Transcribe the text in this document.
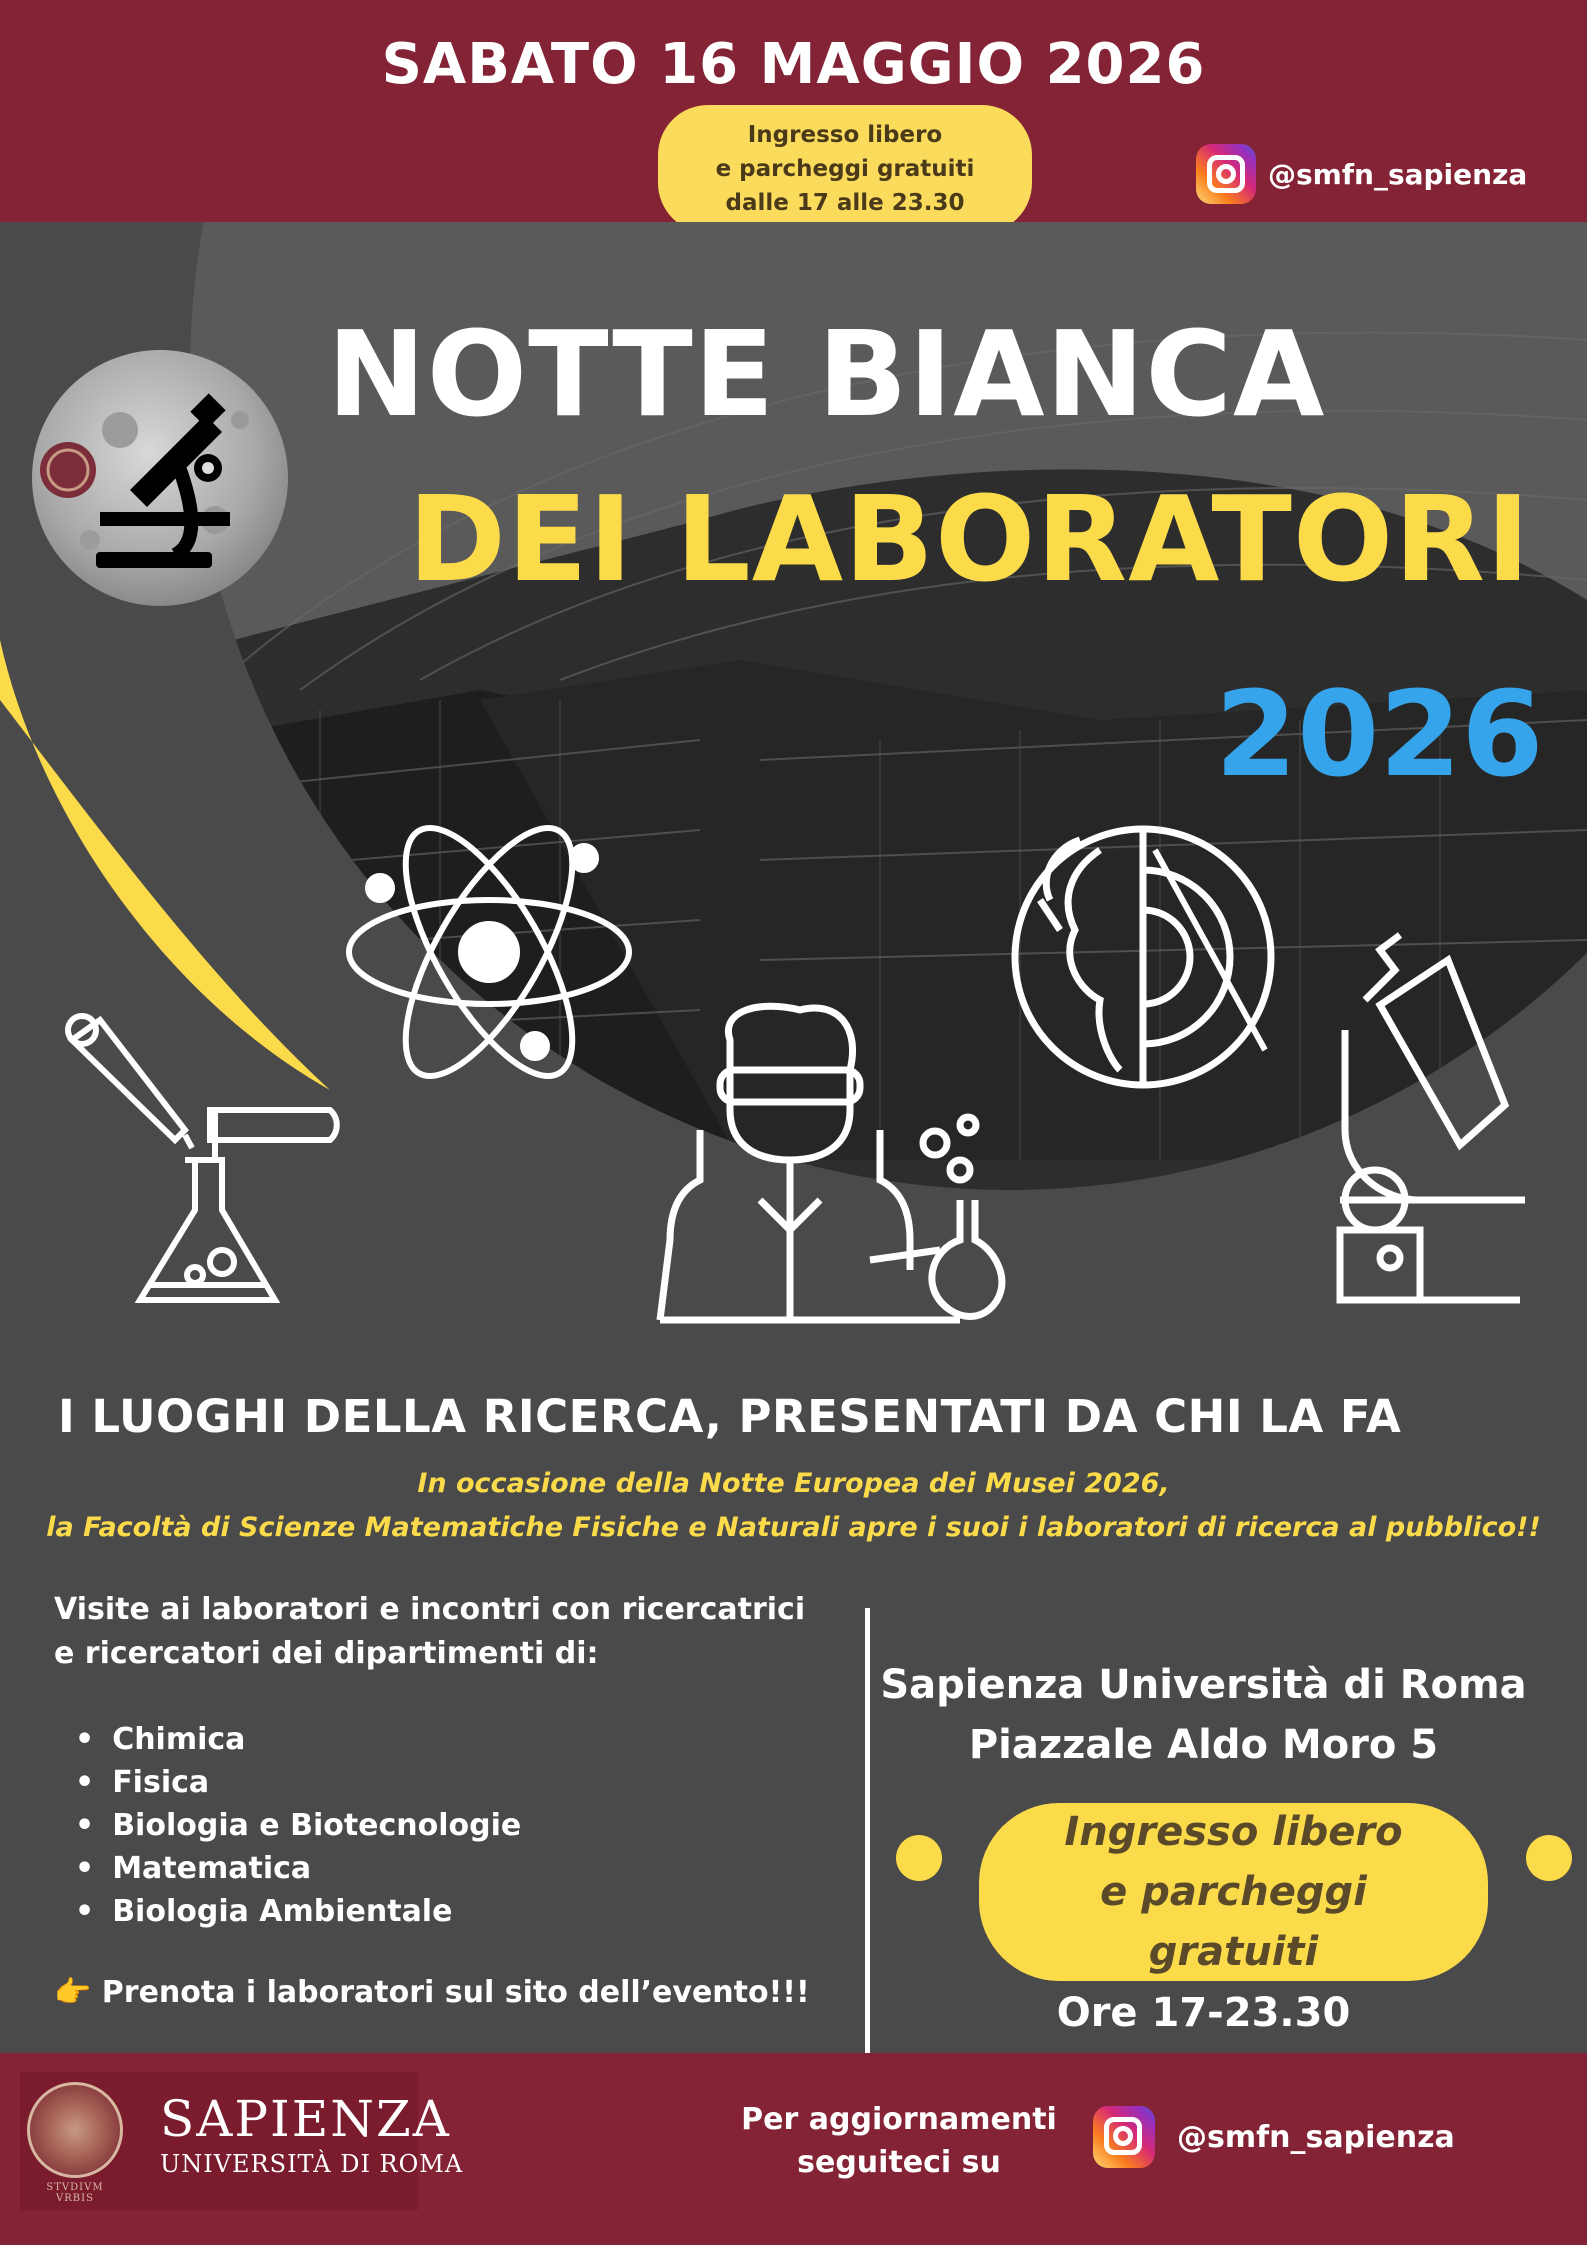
SABATO 16 MAGGIO 2026
Ingresso libero
e parcheggi gratuiti
dalle 17 alle 23.30
@smfn_sapienza
NOTTE BIANCA
DEI LABORATORI
2026
I LUOGHI DELLA RICERCA, PRESENTATI DA CHI LA FA
In occasione della Notte Europea dei Musei 2026,
la Facoltà di Scienze Matematiche Fisiche e Naturali apre i suoi i laboratori di ricerca al pubblico!!
Visite ai laboratori e incontri con ricercatrici
e ricercatori dei dipartimenti di:
• Chimica
• Fisica
• Biologia e Biotecnologie
• Matematica
• Biologia Ambientale
👉 Prenota i laboratori sul sito dell’evento!!!
Sapienza Università di Roma
Piazzale Aldo Moro 5
Ingresso libero
e parcheggi
gratuiti
Ore 17-23.30
STVDIVM VRBIS
SAPIENZA
UNIVERSITÀ DI ROMA
Per aggiornamenti
seguiteci su
@smfn_sapienza
